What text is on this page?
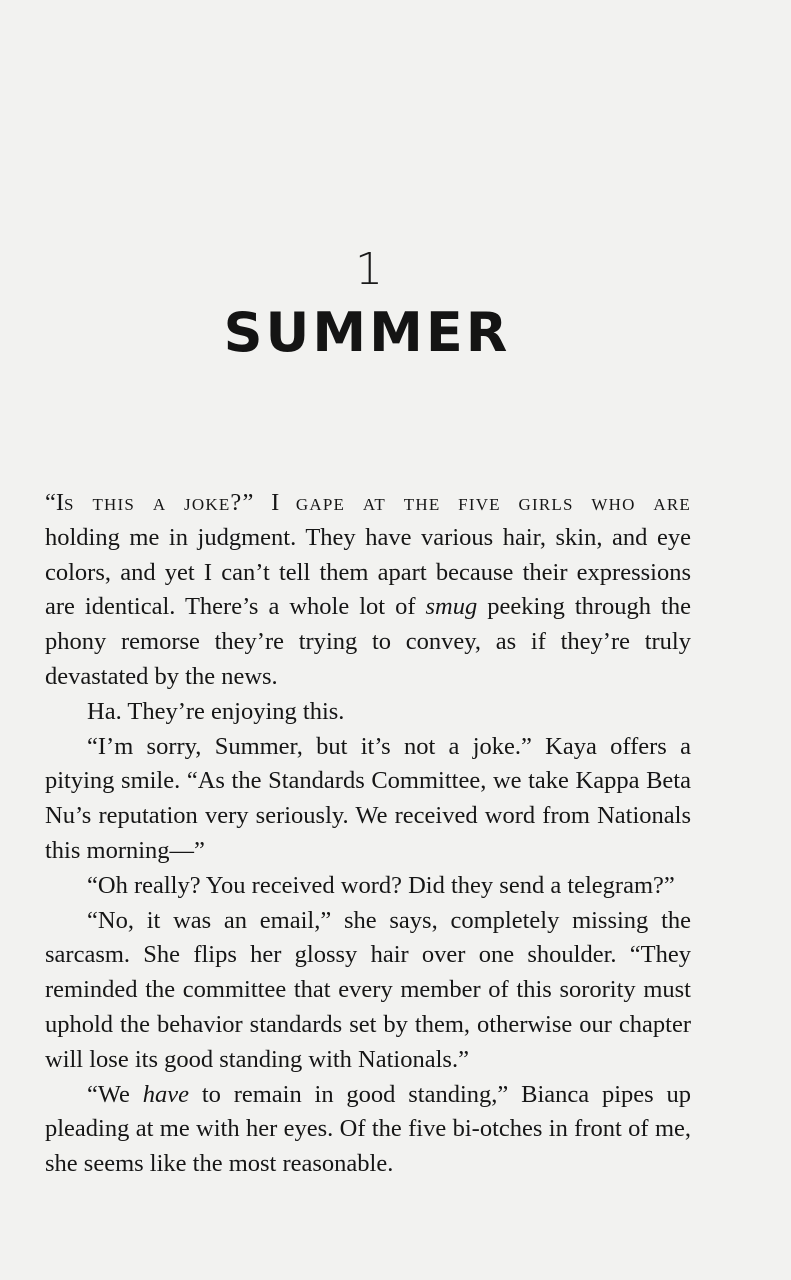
1
SUMMER

“Is this a joke?” I gape at the five girls who are
holding me in judgment. They have various hair, skin, and eye colors, and yet I can’t tell them apart because their expressions are identical. There’s a whole lot of smug peeking through the phony remorse they’re trying to convey, as if they’re truly devastated by the news.

Ha. They’re enjoying this.

“I’m sorry, Summer, but it’s not a joke.” Kaya offers a pitying smile. “As the Standards Committee, we take Kappa Beta Nu’s reputation very seriously. We received word from Nationals this morning—”

“Oh really? You received word? Did they send a telegram?”

“No, it was an email,” she says, completely missing the sarcasm. She flips her glossy hair over one shoulder. “They reminded the committee that every member of this sorority must uphold the behavior standards set by them, otherwise our chapter will lose its good standing with Nationals.”

“We have to remain in good standing,” Bianca pipes up pleading at me with her eyes. Of the five bi-otches in front of me, she seems like the most reasonable.
